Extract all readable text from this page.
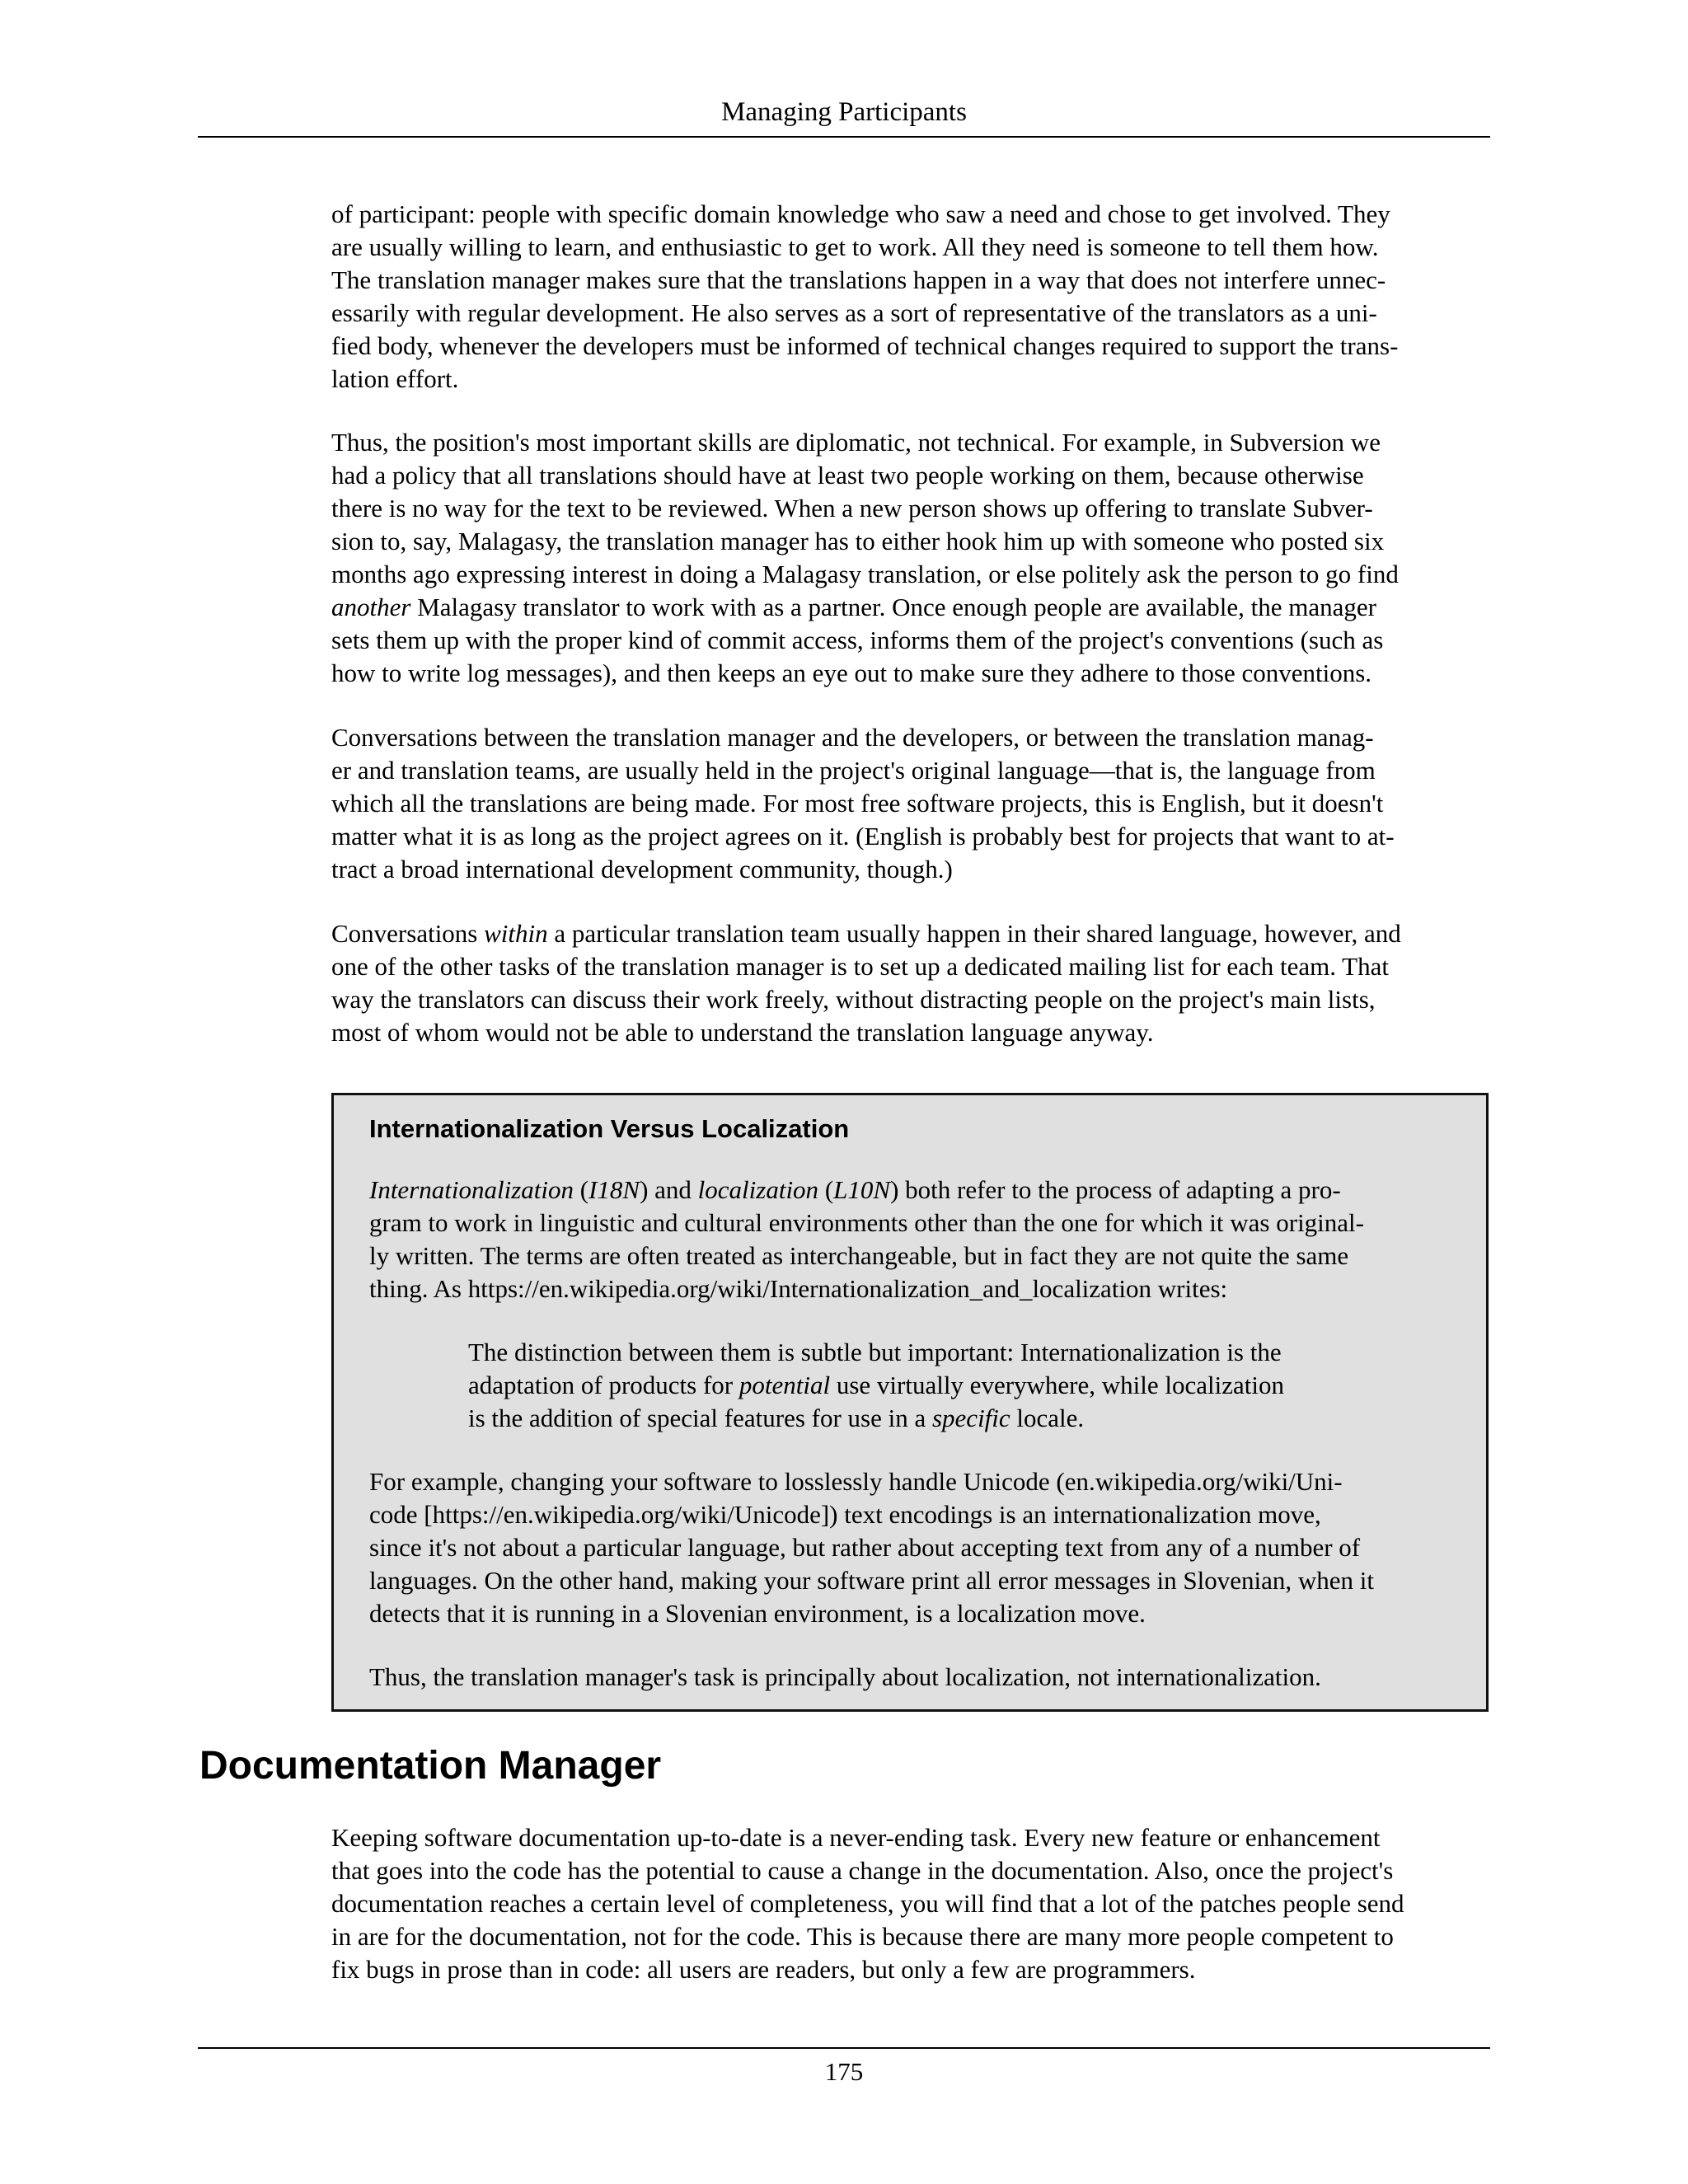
Managing Participants
of participant: people with specific domain knowledge who saw a need and chose to get involved. They
are usually willing to learn, and enthusiastic to get to work. All they need is someone to tell them how.
The translation manager makes sure that the translations happen in a way that does not interfere unnec-
essarily with regular development. He also serves as a sort of representative of the translators as a uni-
fied body, whenever the developers must be informed of technical changes required to support the trans-
lation effort.
Thus, the position's most important skills are diplomatic, not technical. For example, in Subversion we
had a policy that all translations should have at least two people working on them, because otherwise
there is no way for the text to be reviewed. When a new person shows up offering to translate Subver-
sion to, say, Malagasy, the translation manager has to either hook him up with someone who posted six
months ago expressing interest in doing a Malagasy translation, or else politely ask the person to go find
another Malagasy translator to work with as a partner. Once enough people are available, the manager
sets them up with the proper kind of commit access, informs them of the project's conventions (such as
how to write log messages), and then keeps an eye out to make sure they adhere to those conventions.
Conversations between the translation manager and the developers, or between the translation manag-
er and translation teams, are usually held in the project's original language—that is, the language from
which all the translations are being made. For most free software projects, this is English, but it doesn't
matter what it is as long as the project agrees on it. (English is probably best for projects that want to at-
tract a broad international development community, though.)
Conversations within a particular translation team usually happen in their shared language, however, and
one of the other tasks of the translation manager is to set up a dedicated mailing list for each team. That
way the translators can discuss their work freely, without distracting people on the project's main lists,
most of whom would not be able to understand the translation language anyway.
Internationalization Versus Localization
Internationalization (I18N) and localization (L10N) both refer to the process of adapting a pro-
gram to work in linguistic and cultural environments other than the one for which it was original-
ly written. The terms are often treated as interchangeable, but in fact they are not quite the same
thing. As https://en.wikipedia.org/wiki/Internationalization_and_localization writes:
The distinction between them is subtle but important: Internationalization is the
adaptation of products for potential use virtually everywhere, while localization
is the addition of special features for use in a specific locale.
For example, changing your software to losslessly handle Unicode (en.wikipedia.org/wiki/Uni-
code [https://en.wikipedia.org/wiki/Unicode]) text encodings is an internationalization move,
since it's not about a particular language, but rather about accepting text from any of a number of
languages. On the other hand, making your software print all error messages in Slovenian, when it
detects that it is running in a Slovenian environment, is a localization move.
Thus, the translation manager's task is principally about localization, not internationalization.
Documentation Manager
Keeping software documentation up-to-date is a never-ending task. Every new feature or enhancement
that goes into the code has the potential to cause a change in the documentation. Also, once the project's
documentation reaches a certain level of completeness, you will find that a lot of the patches people send
in are for the documentation, not for the code. This is because there are many more people competent to
fix bugs in prose than in code: all users are readers, but only a few are programmers.
175
